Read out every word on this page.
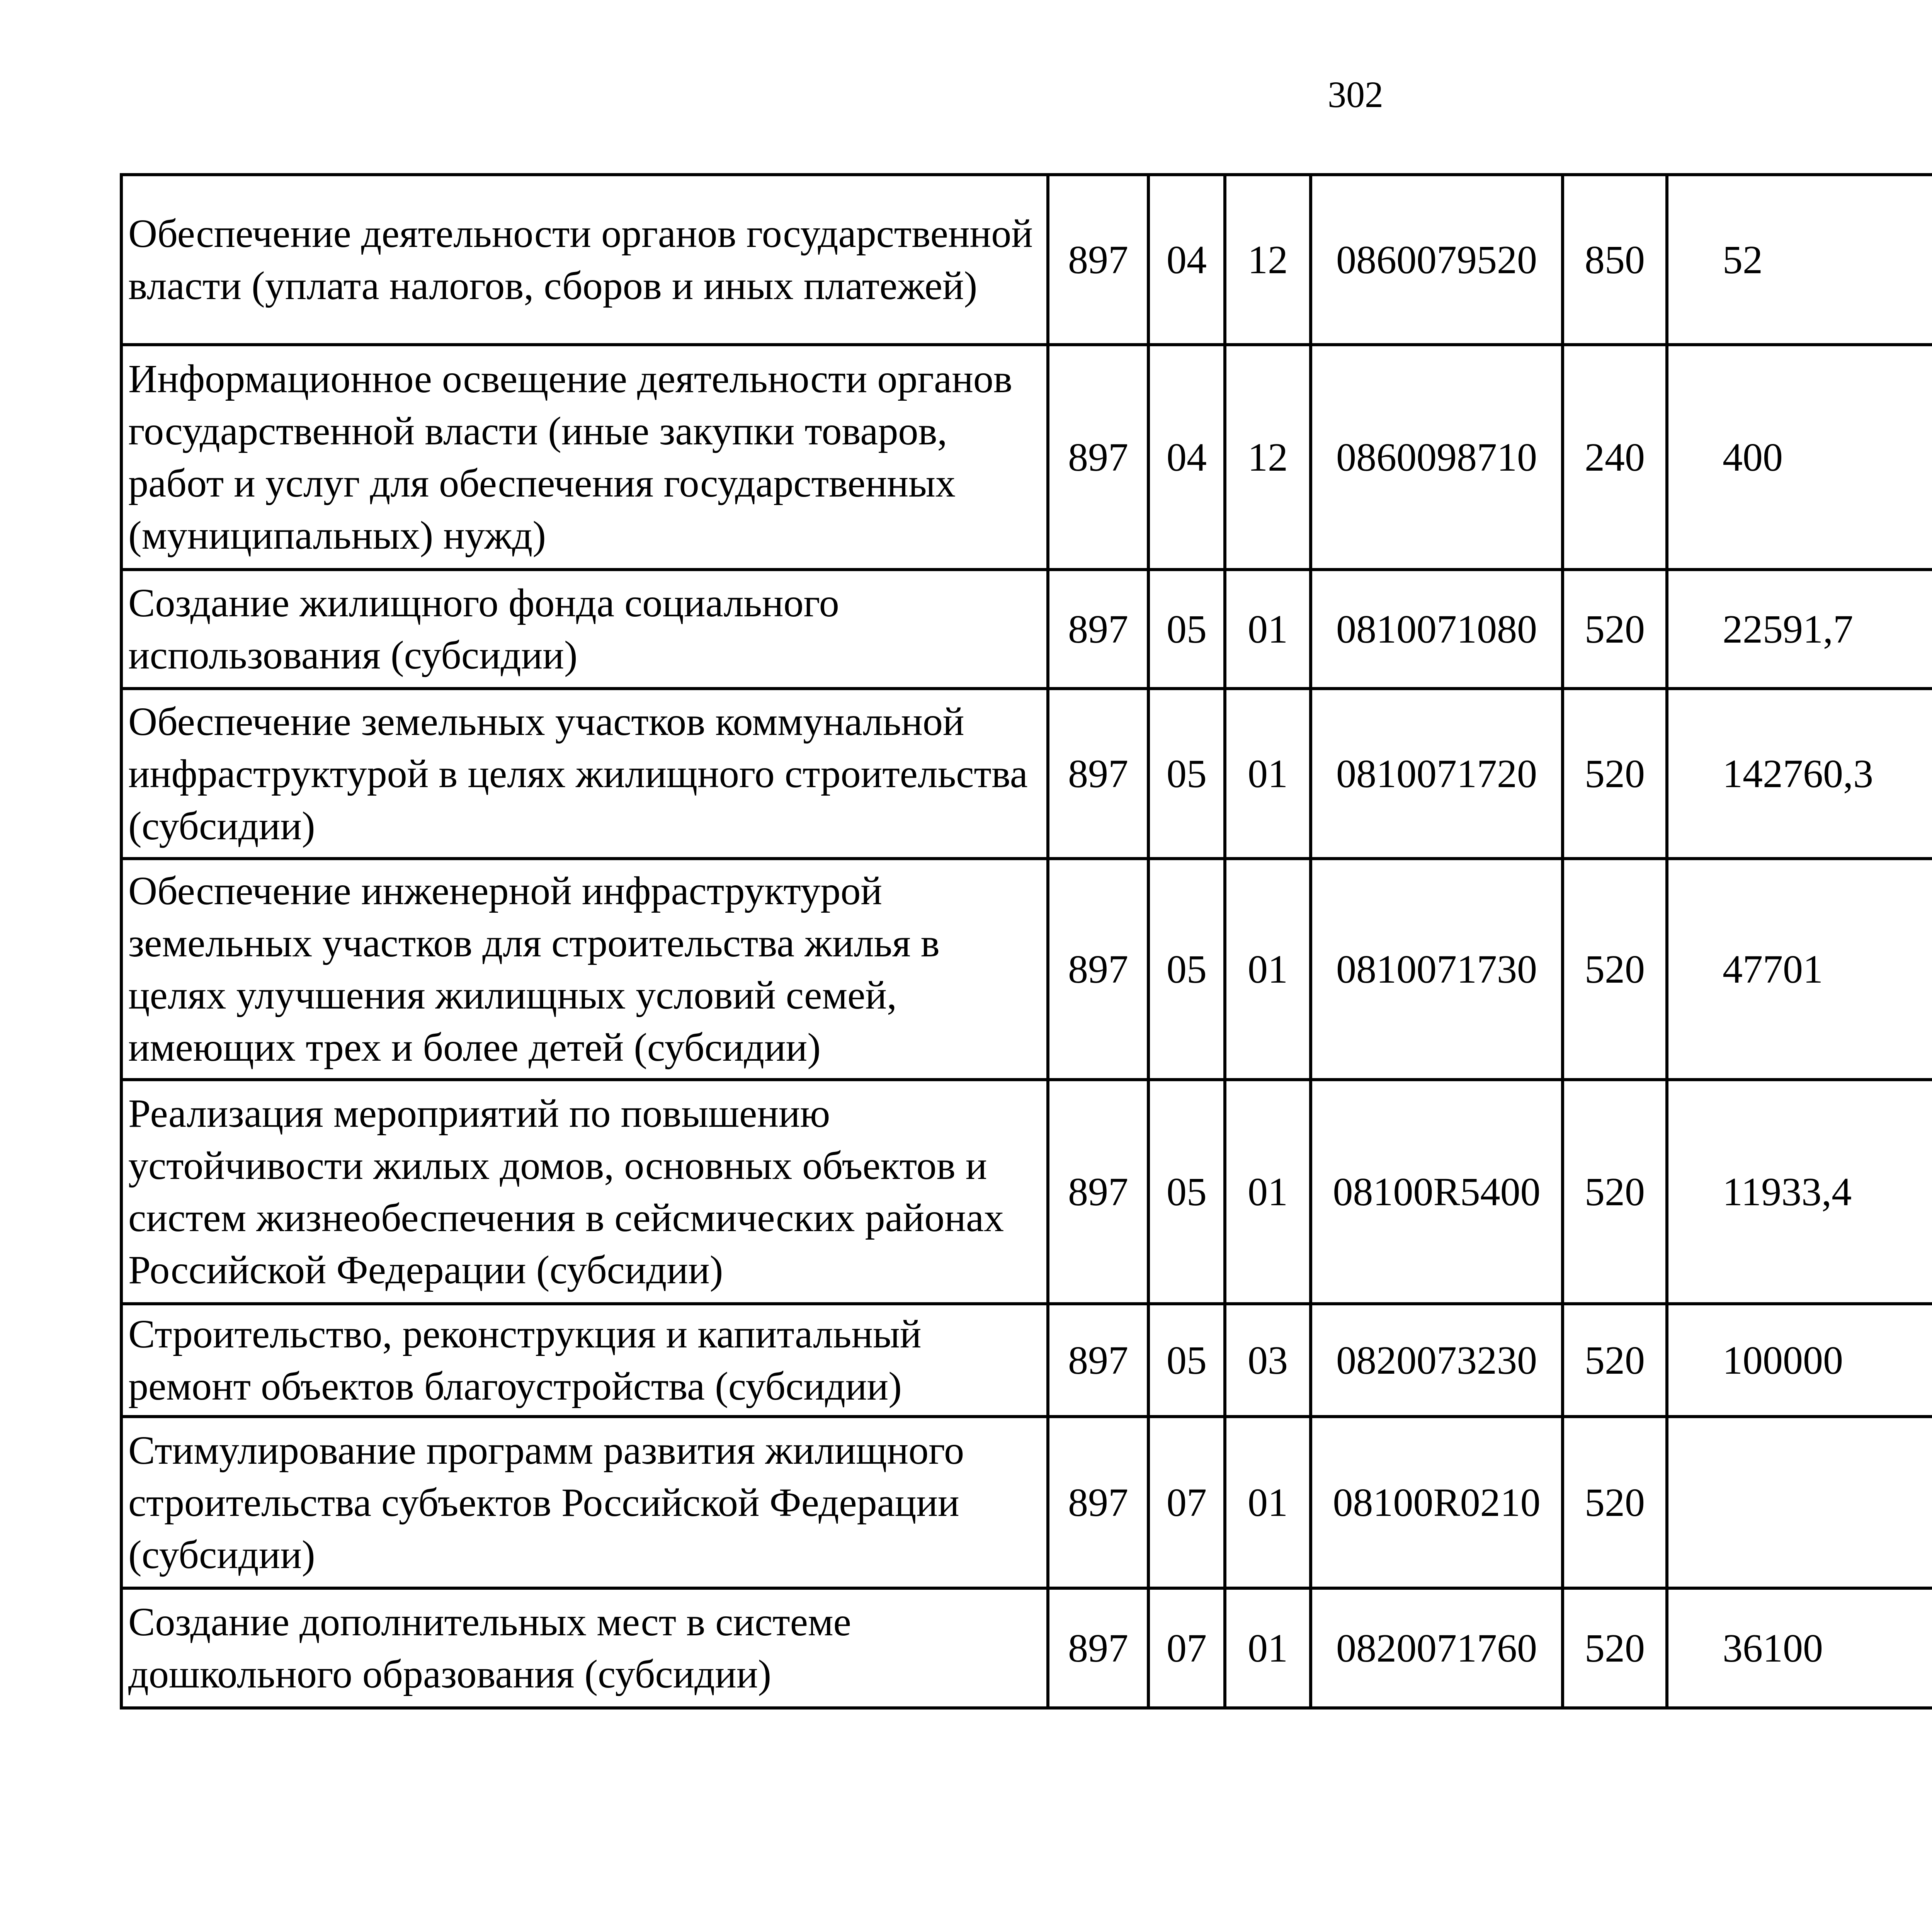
302
Обеспечение деятельности органов государственной власти (уплата налогов, сборов и иных платежей)	897	04	12	0860079520	850	52		
Информационное освещение деятельности органов государственной власти (иные закупки товаров, работ и услуг для обеспечения государственных (муниципальных) нужд)	897	04	12	0860098710	240	400		
Создание жилищного фонда социального использования (субсидии)	897	05	01	0810071080	520	22591,7		
Обеспечение земельных участков коммунальной инфраструктурой в целях жилищного строительства (субсидии)	897	05	01	0810071720	520	142760,3		
Обеспечение инженерной инфраструктурой земельных участков для строительства жилья в целях улучшения жилищных условий семей, имеющих трех и более детей (субсидии)	897	05	01	0810071730	520	47701		
Реализация мероприятий по повышению устойчивости жилых домов, основных объектов и систем жизнеобеспечения в сейсмических районах Российской Федерации (субсидии)	897	05	01	08100R5400	520	11933,4		
Строительство, реконструкция и капитальный ремонт объектов благоустройства (субсидии)	897	05	03	0820073230	520	100000		
Стимулирование программ развития жилищного строительства субъектов Российской Федерации (субсидии)	897	07	01	08100R0210	520			
Создание дополнительных мест в системе дошкольного образования (субсидии)	897	07	01	0820071760	520	36100		
